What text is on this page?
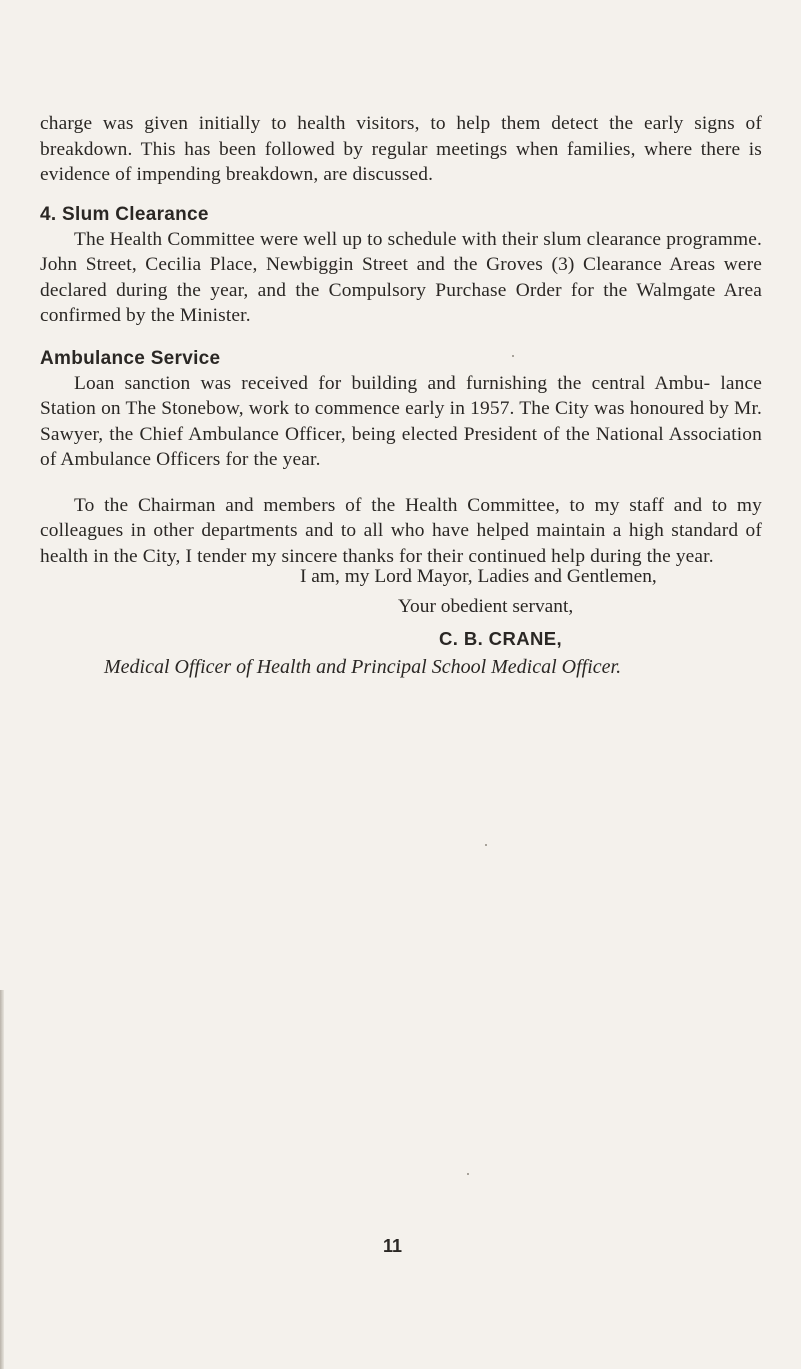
charge was given initially to health visitors, to help them detect the early signs of breakdown. This has been followed by regular meetings when families, where there is evidence of impending breakdown, are discussed.

4. Slum Clearance

The Health Committee were well up to schedule with their slum clearance programme. John Street, Cecilia Place, Newbiggin Street and the Groves (3) Clearance Areas were declared during the year, and the Compulsory Purchase Order for the Walmgate Area confirmed by the Minister.

Ambulance Service

Loan sanction was received for building and furnishing the central Ambu- lance Station on The Stonebow, work to commence early in 1957. The City was honoured by Mr. Sawyer, the Chief Ambulance Officer, being elected President of the National Association of Ambulance Officers for the year.

To the Chairman and members of the Health Committee, to my staff and to my colleagues in other departments and to all who have helped maintain a high standard of health in the City, I tender my sincere thanks for their continued help during the year.

I am, my Lord Mayor, Ladies and Gentlemen,
Your obedient servant,
C. B. CRANE,
Medical Officer of Health and Principal School Medical Officer.
11
